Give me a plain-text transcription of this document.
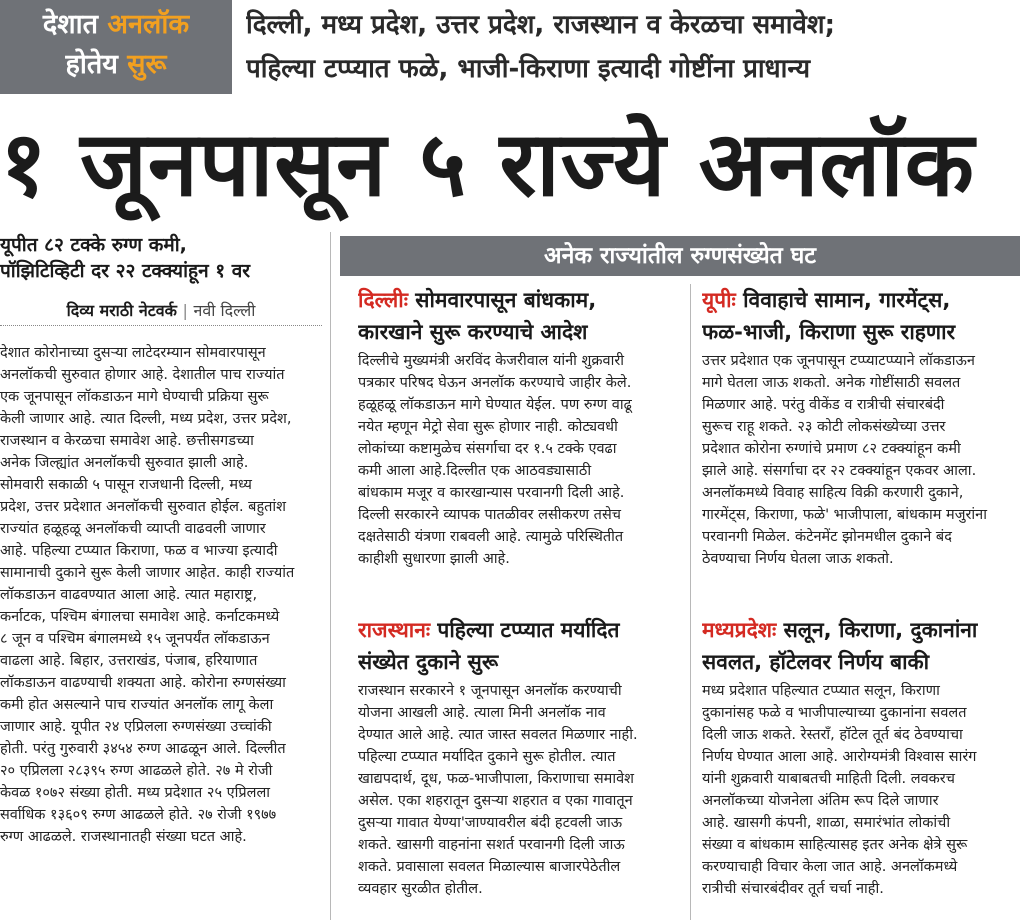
देशात अनलॉक
होतेय सुरू
दिल्ली, मध्य प्रदेश, उत्तर प्रदेश, राजस्थान व केरळचा समावेश;
पहिल्या टप्प्यात फळे, भाजी-किराणा इत्यादी गोष्टींना प्राधान्य
१ जूनपासून ५ राज्ये अनलॉक
यूपीत ८२ टक्के रुग्ण कमी,
पॉझिटिव्हिटी दर २२ टक्क्यांहून १ वर
दिव्य मराठी नेटवर्क | नवी दिल्ली
देशात कोरोनाच्या दुसऱ्या लाटेदरम्यान सोमवारपासून
अनलॉकची सुरुवात होणार आहे. देशातील पाच राज्यांत
एक जूनपासून लॉकडाऊन मागे घेण्याची प्रक्रिया सुरू
केली जाणार आहे. त्यात दिल्ली, मध्य प्रदेश, उत्तर प्रदेश,
राजस्थान व केरळचा समावेश आहे. छत्तीसगडच्या
अनेक जिल्ह्यांत अनलॉकची सुरुवात झाली आहे.
सोमवारी सकाळी ५ पासून राजधानी दिल्ली, मध्य
प्रदेश, उत्तर प्रदेशात अनलॉकची सुरुवात होईल. बहुतांश
राज्यांत हळूहळू अनलॉकची व्याप्ती वाढवली जाणार
आहे. पहिल्या टप्प्यात किराणा, फळ व भाज्या इत्यादी
सामानाची दुकाने सुरू केली जाणार आहेत. काही राज्यांत
लॉकडाऊन वाढवण्यात आला आहे. त्यात महाराष्ट्र,
कर्नाटक, पश्चिम बंगालचा समावेश आहे. कर्नाटकमध्ये
८ जून व पश्चिम बंगालमध्ये १५ जूनपर्यंत लॉकडाऊन
वाढला आहे. बिहार, उत्तराखंड, पंजाब, हरियाणात
लॉकडाऊन वाढण्याची शक्यता आहे. कोरोना रुग्णसंख्या
कमी होत असल्याने पाच राज्यांत अनलॉक लागू केला
जाणार आहे. यूपीत २४ एप्रिलला रुग्णसंख्या उच्चांकी
होती. परंतु गुरुवारी ३४५४ रुग्ण आढळून आले. दिल्लीत
२० एप्रिलला २८३९५ रुग्ण आढळले होते. २७ मे रोजी
केवळ १०७२ संख्या होती. मध्य प्रदेशात २५ एप्रिलला
सर्वाधिक १३६०९ रुग्ण आढळले होते. २७ रोजी १९७७
रुग्ण आढळले. राजस्थानातही संख्या घटत आहे.
अनेक राज्यांतील रुग्णसंख्येत घट
दिल्लीः सोमवारपासून बांधकाम,
कारखाने सुरू करण्याचे आदेश
दिल्लीचे मुख्यमंत्री अरविंद केजरीवाल यांनी शुक्रवारी
पत्रकार परिषद घेऊन अनलॉक करण्याचे जाहीर केले.
हळूहळू लॉकडाऊन मागे घेण्यात येईल. पण रुग्ण वाढू
नयेत म्हणून मेट्रो सेवा सुरू होणार नाही. कोट्यवधी
लोकांच्या कष्टामुळेच संसर्गाचा दर १.५ टक्के एवढा
कमी आला आहे.दिल्लीत एक आठवड्यासाठी
बांधकाम मजूर व कारखान्यास परवानगी दिली आहे.
दिल्ली सरकारने व्यापक पातळीवर लसीकरण तसेच
दक्षतेसाठी यंत्रणा राबवली आहे. त्यामुळे परिस्थितीत
काहीशी सुधारणा झाली आहे.
राजस्थानः पहिल्या टप्प्यात मर्यादित
संख्येत दुकाने सुरू
राजस्थान सरकारने १ जूनपासून अनलॉक करण्याची
योजना आखली आहे. त्याला मिनी अनलॉक नाव
देण्यात आले आहे. त्यात जास्त सवलत मिळणार नाही.
पहिल्या टप्प्यात मर्यादित दुकाने सुरू होतील. त्यात
खाद्यपदार्थ, दूध, फळ-भाजीपाला, किराणाचा समावेश
असेल. एका शहरातून दुसऱ्या शहरात व एका गावातून
दुसऱ्या गावात येण्या'जाण्यावरील बंदी हटवली जाऊ
शकते. खासगी वाहनांना सशर्त परवानगी दिली जाऊ
शकते. प्रवासाला सवलत मिळाल्यास बाजारपेठेतील
व्यवहार सुरळीत होतील.
यूपीः विवाहाचे सामान, गारमेंट्स,
फळ-भाजी, किराणा सुरू राहणार
उत्तर प्रदेशात एक जूनपासून टप्प्याटप्प्याने लॉकडाऊन
मागे घेतला जाऊ शकतो. अनेक गोष्टींसाठी सवलत
मिळणार आहे. परंतु वीकेंड व रात्रीची संचारबंदी
सुरूच राहू शकते. २३ कोटी लोकसंख्येच्या उत्तर
प्रदेशात कोरोना रुग्णांचे प्रमाण ८२ टक्क्यांहून कमी
झाले आहे. संसर्गाचा दर २२ टक्क्यांहून एकवर आला.
अनलॉकमध्ये विवाह साहित्य विक्री करणारी दुकाने,
गारमेंट्स, किराणा, फळे' भाजीपाला, बांधकाम मजुरांना
परवानगी मिळेल. कंटेनमेंट झोनमधील दुकाने बंद
ठेवण्याचा निर्णय घेतला जाऊ शकतो.
मध्यप्रदेशः सलून, किराणा, दुकानांना
सवलत, हॉटेलवर निर्णय बाकी
मध्य प्रदेशात पहिल्यात टप्प्यात सलून, किराणा
दुकानांसह फळे व भाजीपाल्याच्या दुकानांना सवलत
दिली जाऊ शकते. रेस्तराँ, हॉटेल तूर्त बंद ठेवण्याचा
निर्णय घेण्यात आला आहे. आरोग्यमंत्री विश्वास सारंग
यांनी शुक्रवारी याबाबतची माहिती दिली. लवकरच
अनलॉकच्या योजनेला अंतिम रूप दिले जाणार
आहे. खासगी कंपनी, शाळा, समारंभांत लोकांची
संख्या व बांधकाम साहित्यासह इतर अनेक क्षेत्रे सुरू
करण्याचाही विचार केला जात आहे. अनलॉकमध्ये
रात्रीची संचारबंदीवर तूर्त चर्चा नाही.
